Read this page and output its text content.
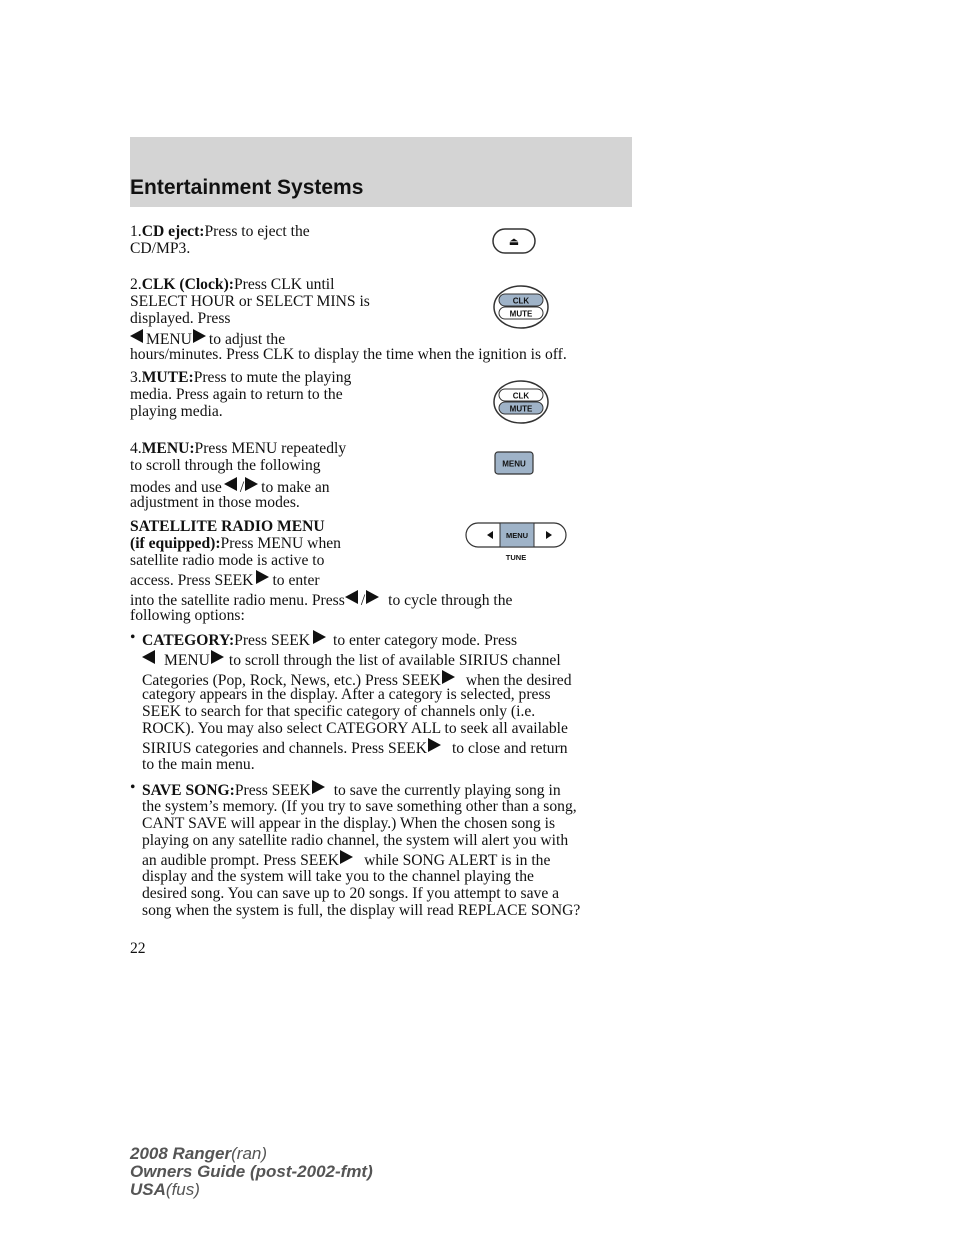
Entertainment Systems
1.CD eject:Press to eject the
CD/MP3.
2.CLK (Clock):Press CLK until
SELECT HOUR or SELECT MINS is
displayed. Press
MENU to adjust the
hours/minutes. Press CLK to display the time when the ignition is off.
3.MUTE:Press to mute the playing
media. Press again to return to the
playing media.
4.MENU:Press MENU repeatedly
to scroll through the following
modes and use / to make an
adjustment in those modes.
SATELLITE RADIO MENU
(if equipped):Press MENU when
satellite radio mode is active to
access. Press SEEK to enter
into the satellite radio menu. Press / to cycle through the
following options:
• CATEGORY:Press SEEK to enter category mode. Press
MENU to scroll through the list of available SIRIUS channel
Categories (Pop, Rock, News, etc.) Press SEEK when the desired
category appears in the display. After a category is selected, press
SEEK to search for that specific category of channels only (i.e.
ROCK). You may also select CATEGORY ALL to seek all available
SIRIUS categories and channels. Press SEEK to close and return
to the main menu.
• SAVE SONG:Press SEEK to save the currently playing song in
the system’s memory. (If you try to save something other than a song,
CANT SAVE will appear in the display.) When the chosen song is
playing on any satellite radio channel, the system will alert you with
an audible prompt. Press SEEK while SONG ALERT is in the
display and the system will take you to the channel playing the
desired song. You can save up to 20 songs. If you attempt to save a
song when the system is full, the display will read REPLACE SONG?
⏏
CLK
MUTE
CLK
MUTE
MENU
MENU
TUNE
22
2008 Ranger(ran)
Owners Guide (post-2002-fmt)
USA(fus)
